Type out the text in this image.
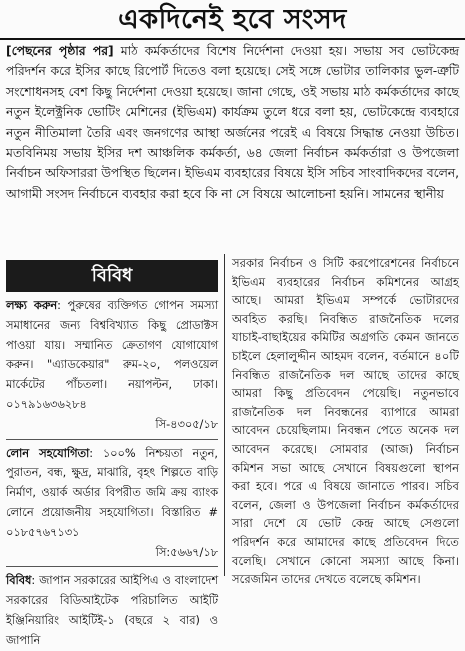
একদিনেই হবে সংসদ

[পেছনের পৃষ্ঠার পর] মাঠ কর্মকর্তাদের বিশেষ নির্দেশনা দেওয়া হয়। সভায় সব ভোটকেন্দ্র পরিদর্শন করে ইসির কাছে রিপোর্ট দিতেও বলা হয়েছে। সেই সঙ্গে ভোটার তালিকার ভুল-ত্রুটি সংশোধনসহ বেশ কিছু নির্দেশনা দেওয়া হয়েছে। জানা গেছে, ওই সভায় মাঠ কর্মকর্তাদের কাছে নতুন ইলেক্ট্রনিক ভোটিং মেশিনের (ইভিএম) কার্যক্রম তুলে ধরে বলা হয়, ভোটকেন্দ্রে ব্যবহারে নতুন নীতিমালা তৈরি এবং জনগণের আস্থা অর্জনের পরেই এ বিষয়ে সিদ্ধান্ত নেওয়া উচিত। মতবিনিময় সভায় ইসির দশ আঞ্চলিক কর্মকর্তা, ৬৪ জেলা নির্বাচন কর্মকর্তারা ও উপজেলা নির্বাচন অফিসাররা উপস্থিত ছিলেন। ইভিএম ব্যবহারের বিষয়ে ইসি সচিব সাংবাদিকদের বলেন, আগামী সংসদ নির্বাচনে ব্যবহার করা হবে কি না সে বিষয়ে আলোচনা হয়নি। সামনের স্থানীয়

বিবিধ

লক্ষ্য করুন: পুরুষের ব্যক্তিগত গোপন সমস্যা সমাধানের জন্য বিশ্ববিখ্যাত কিছু প্রোডাক্টস পাওয়া যায়। সম্মানিত ক্রেতাগণ যোগাযোগ করুন। "এ্যাডকেয়ার" রুম-২০, পলওয়েল মার্কেটের পাঁচতলা। নয়াপল্টন, ঢাকা। ০১৭৯১৬৩৬২৮৪

সি-৪৩০৫/১৮

লোন সহযোগিতা: ১০০% নিশ্চয়তা নতুন, পুরাতন, বন্ধ, ক্ষুদ্র, মাঝারি, বৃহৎ শিল্পতে বাড়ি নির্মাণ, ওয়ার্ক অর্ডার বিপরীত জমি ক্রয় ব্যাংক লোনে প্রয়োজনীয় সহযোগিতা। বিস্তারিত # ০১৮৫৭৬৭১৩১

সি:৫৬৬৭/১৮

বিবিধ: জাপান সরকারের আইপিএ ও বাংলাদেশ সরকারের বিডিআইটেক পরিচালিত আইটি ইঞ্জিনিয়ারিং আইটিই-১ (বছরে ২ বার) ও জাপানি

সরকার নির্বাচন ও সিটি করপোরেশনের নির্বাচনে ইভিএম ব্যবহারের নির্বাচন কমিশনের আগ্রহ আছে। আমরা ইভিএম সম্পর্কে ভোটারদের অবহিত করছি। নিবন্ধিত রাজনৈতিক দলের যাচাই-বাছাইয়ের কমিটির অগ্রগতি কেমন জানতে চাইলে হেলালুদ্দীন আহমদ বলেন, বর্তমানে ৪০টি নিবন্ধিত রাজনৈতিক দল আছে তাদের কাছে আমরা কিছু প্রতিবেদন পেয়েছি। নতুনভাবে রাজনৈতিক দল নিবন্ধনের ব্যাপারে আমরা আবেদন চেয়েছিলাম। নিবন্ধন পেতে অনেক দল আবেদন করেছে। সোমবার (আজ) নির্বাচন কমিশন সভা আছে সেখানে বিষয়গুলো স্থাপন করা হবে। পরে এ বিষয়ে জানাতে পারব। সচিব বলেন, জেলা ও উপজেলা নির্বাচন কর্মকর্তাদের সারা দেশে যে ভোট কেন্দ্র আছে সেগুলো পরিদর্শন করে আমাদের কাছে প্রতিবেদন দিতে বলেছি। সেখানে কোনো সমস্যা আছে কিনা। সরেজমিন তাদের দেখতে বলেছে কমিশন।
